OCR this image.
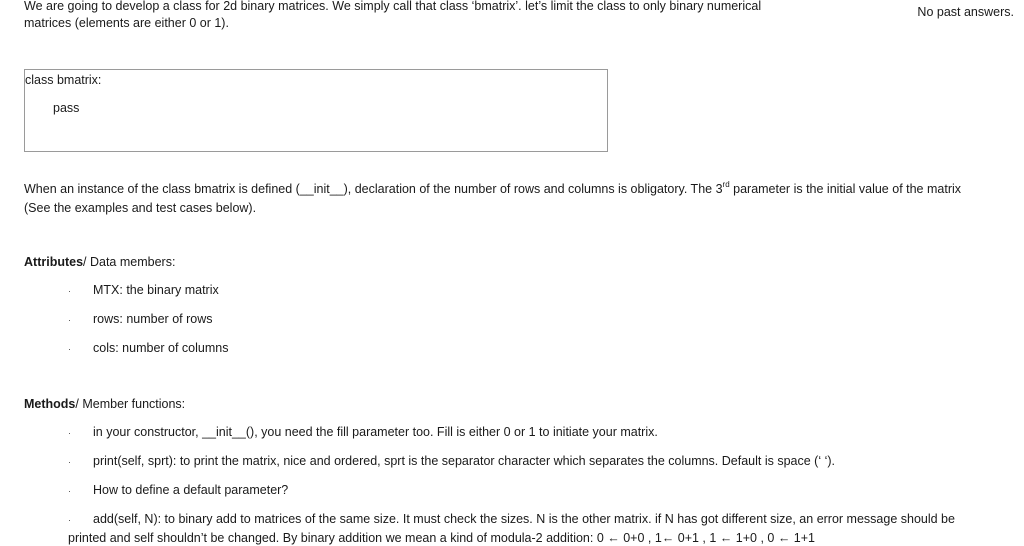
We are going to develop a class for 2d binary matrices. We simply call that class ‘bmatrix’. let’s limit the class to only binary numerical
matrices (elements are either 0 or 1).
No past answers.
class bmatrix:
pass
When an instance of the class bmatrix is defined (__init__), declaration of the number of rows and columns is obligatory. The 3rd parameter is the initial value of the matrix
(See the examples and test cases below).
Attributes/ Data members:
· MTX: the binary matrix
· rows: number of rows
· cols: number of columns
Methods/ Member functions:
· in your constructor, __init__(), you need the fill parameter too. Fill is either 0 or 1 to initiate your matrix.
· print(self, sprt): to print the matrix, nice and ordered, sprt is the separator character which separates the columns. Default is space (‘ ‘).
· How to define a default parameter?
· add(self, N): to binary add to matrices of the same size. It must check the sizes. N is the other matrix. if N has got different size, an error message should be
printed and self shouldn’t be changed. By binary addition we mean a kind of modula-2 addition: 0 ← 0+0 , 1← 0+1 , 1 ← 1+0 , 0 ← 1+1
